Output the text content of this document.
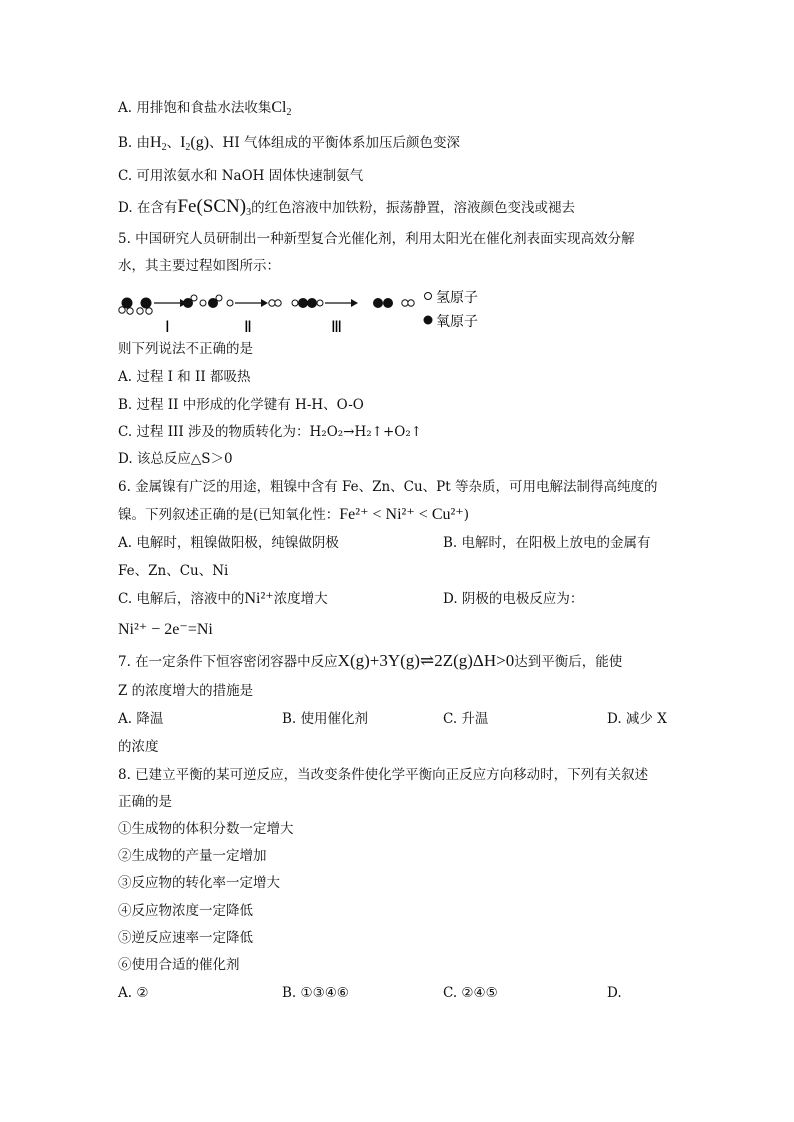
A. 用排饱和食盐水法收集$Cl_2$
B. 由$H_2$、$I_2(g)$、HI 气体组成的平衡体系加压后颜色变深
C. 可用浓氨水和 NaOH 固体快速制氨气
D. 在含有$Fe(SCN)_3$的红色溶液中加铁粉，振荡静置，溶液颜色变浅或褪去
5. 中国研究人员研制出一种新型复合光催化剂，利用太阳光在催化剂表面实现高效分解
水，其主要过程如图所示：
Ⅰ	Ⅱ	Ⅲ
氢原子
氧原子
则下列说法不正确的是
A. 过程 I 和 II 都吸热
B. 过程 II 中形成的化学键有 H-H、O-O
C. 过程 III 涉及的物质转化为：H₂O₂→H₂↑+O₂↑
D. 该总反应△S＞0
6. 金属镍有广泛的用途，粗镍中含有 Fe、Zn、Cu、Pt 等杂质，可用电解法制得高纯度的
镍。下列叙述正确的是(已知氧化性：Fe²⁺ < Ni²⁺ < Cu²⁺)
A. 电解时，粗镍做阳极，纯镍做阴极	B. 电解时，在阳极上放电的金属有
Fe、Zn、Cu、Ni
C. 电解后，溶液中的Ni²⁺浓度增大	D. 阴极的电极反应为：
Ni²⁺ − 2e⁻=Ni
7. 在一定条件下恒容密闭容器中反应X(g)+3Y(g)⇌2Z(g)ΔH>0达到平衡后，能使
Z 的浓度增大的措施是
A. 降温	B. 使用催化剂	C. 升温	D. 减少 X
的浓度
8. 已建立平衡的某可逆反应，当改变条件使化学平衡向正反应方向移动时，下列有关叙述
正确的是
①生成物的体积分数一定增大
②生成物的产量一定增加
③反应物的转化率一定增大
④反应物浓度一定降低
⑤逆反应速率一定降低
⑥使用合适的催化剂
A. ②	B. ①③④⑥	C. ②④⑤	D.
